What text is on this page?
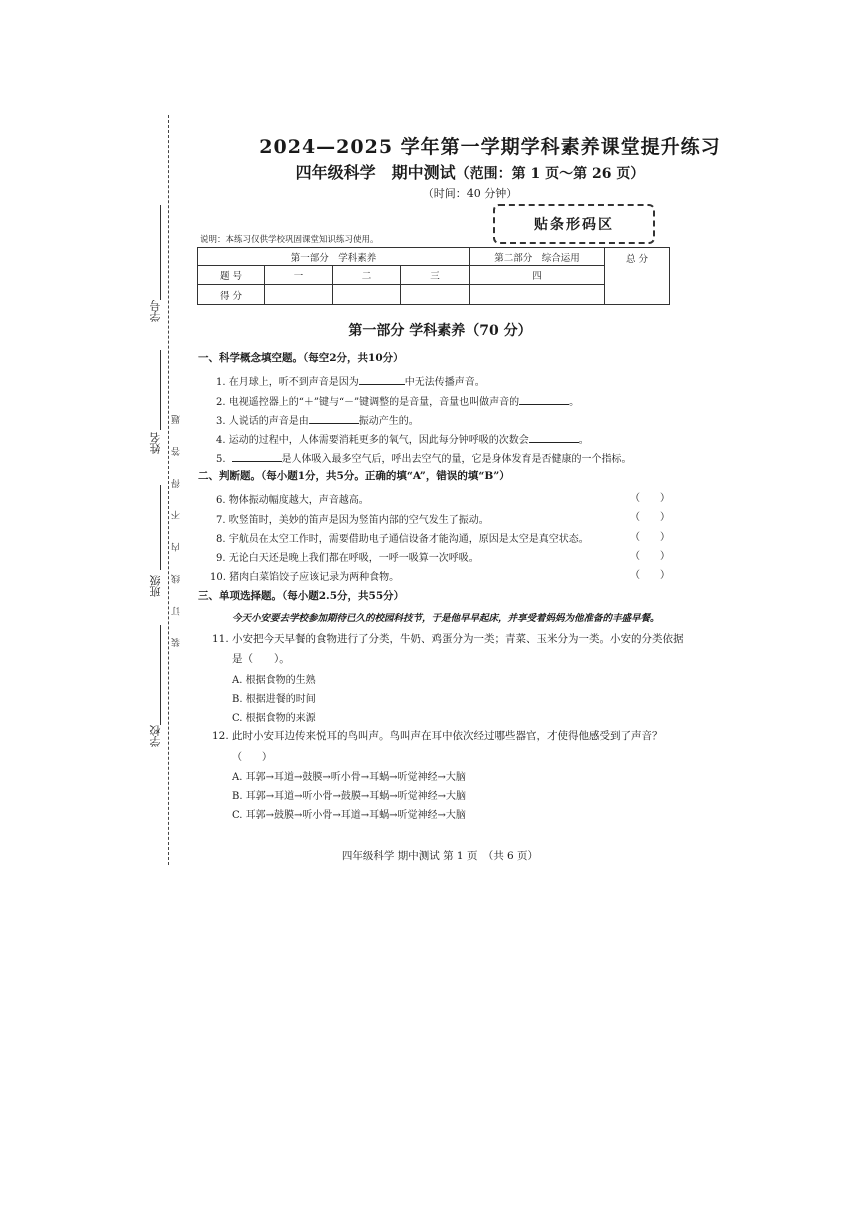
学号
姓名
班级
学校
装 订 线 内 不 得 答 题
2024—2025 学年第一学期学科素养课堂提升练习
四年级科学　期中测试（范围：第 1 页～第 26 页）
（时间：40 分钟）
贴条形码区
说明：本练习仅供学校巩固课堂知识练习使用。
第一部分　学科素养				第二部分　综合运用	总 分
题 号	一	二	三	四	
得 分					
第一部分 学科素养（70 分）
一、科学概念填空题。（每空2分，共10分）
1. 在月球上，听不到声音是因为	中无法传播声音。
2. 电视遥控器上的“＋”键与“－”键调整的是音量，音量也叫做声音的	。
3. 人说话的声音是由	振动产生的。
4. 运动的过程中，人体需要消耗更多的氧气，因此每分钟呼吸的次数会	。
5.	是人体吸入最多空气后，呼出去空气的量，它是身体发育是否健康的一个指标。
二、判断题。（每小题1分，共5分。正确的填“A”，错误的填“B”）
6. 物体振动幅度越大，声音越高。	（　　）
7. 吹竖笛时，美妙的笛声是因为竖笛内部的空气发生了振动。	（　　）
8. 宇航员在太空工作时，需要借助电子通信设备才能沟通，原因是太空是真空状态。	（　　）
9. 无论白天还是晚上我们都在呼吸，一呼一吸算一次呼吸。	（　　）
10. 猪肉白菜馅饺子应该记录为两种食物。	（　　）
三、单项选择题。（每小题2.5分，共55分）
今天小安要去学校参加期待已久的校园科技节，于是他早早起床，并享受着妈妈为他准备的丰盛早餐。
11. 小安把今天早餐的食物进行了分类，牛奶、鸡蛋分为一类；青菜、玉米分为一类。小安的分类依据
是（　　）。
A. 根据食物的生熟
B. 根据进餐的时间
C. 根据食物的来源
12. 此时小安耳边传来悦耳的鸟叫声。鸟叫声在耳中依次经过哪些器官，才使得他感受到了声音？
（　　）
A. 耳郭→耳道→鼓膜→听小骨→耳蜗→听觉神经→大脑
B. 耳郭→耳道→听小骨→鼓膜→耳蜗→听觉神经→大脑
C. 耳郭→鼓膜→听小骨→耳道→耳蜗→听觉神经→大脑
四年级科学 期中测试 第 1 页　（共 6 页）
